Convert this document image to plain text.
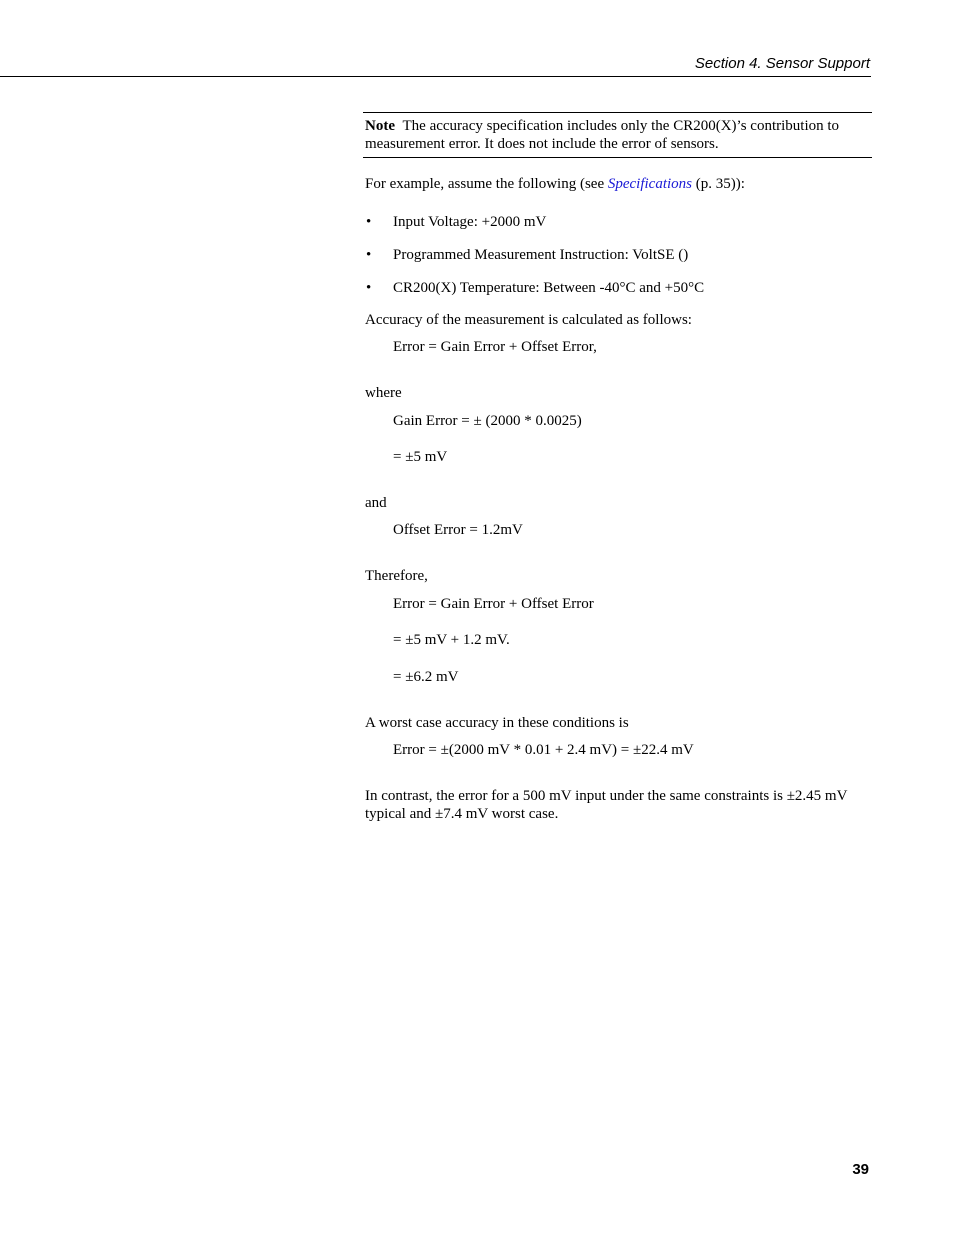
Section 4. Sensor Support
Note The accuracy specification includes only the CR200(X)’s contribution to measurement error. It does not include the error of sensors.
For example, assume the following (see Specifications (p. 35)):
• Input Voltage: +2000 mV
• Programmed Measurement Instruction: VoltSE ()
• CR200(X) Temperature: Between -40°C and +50°C
Accuracy of the measurement is calculated as follows:
Error = Gain Error + Offset Error,
where
Gain Error = ± (2000 * 0.0025)
= ±5 mV
and
Offset Error = 1.2mV
Therefore,
Error = Gain Error + Offset Error
= ±5 mV + 1.2 mV.
= ±6.2 mV
A worst case accuracy in these conditions is
Error = ±(2000 mV * 0.01 + 2.4 mV) = ±22.4 mV
In contrast, the error for a 500 mV input under the same constraints is ±2.45 mV typical and ±7.4 mV worst case.
39
